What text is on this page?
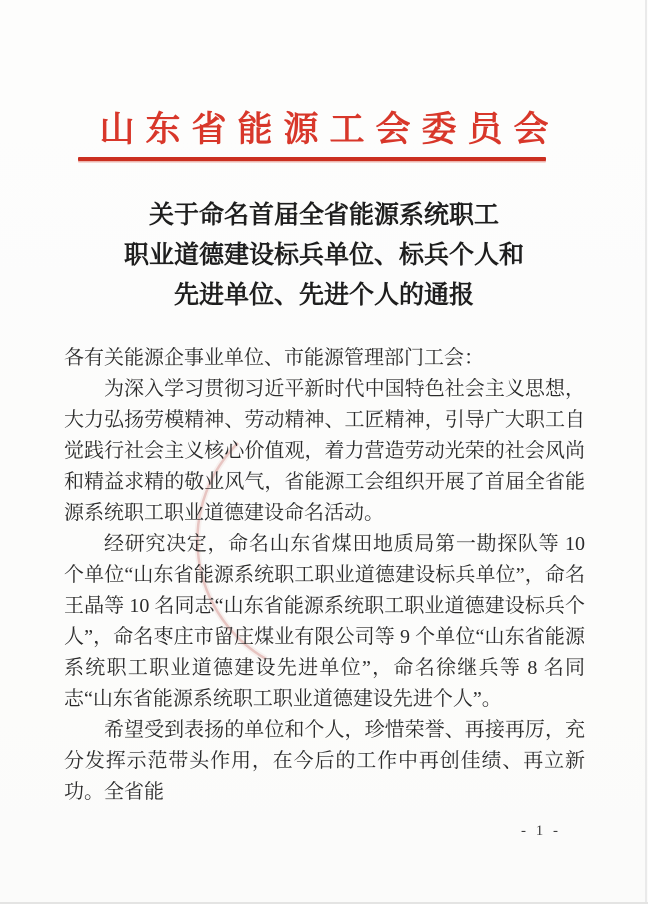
山东省能源工会委员会
关于命名首届全省能源系统职工
职业道德建设标兵单位、标兵个人和
先进单位、先进个人的通报

各有关能源企事业单位、市能源管理部门工会：

为深入学习贯彻习近平新时代中国特色社会主义思想，大力弘扬劳模精神、劳动精神、工匠精神，引导广大职工自觉践行社会主义核心价值观，着力营造劳动光荣的社会风尚和精益求精的敬业风气，省能源工会组织开展了首届全省能源系统职工职业道德建设命名活动。

经研究决定，命名山东省煤田地质局第一勘探队等 10 个单位“山东省能源系统职工职业道德建设标兵单位”，命名王晶等 10 名同志“山东省能源系统职工职业道德建设标兵个人”，命名枣庄市留庄煤业有限公司等 9 个单位“山东省能源系统职工职业道德建设先进单位”，命名徐继兵等 8 名同志“山东省能源系统职工职业道德建设先进个人”。

希望受到表扬的单位和个人，珍惜荣誉、再接再厉，充分发挥示范带头作用，在今后的工作中再创佳绩、再立新功。全省能

- 1 -
